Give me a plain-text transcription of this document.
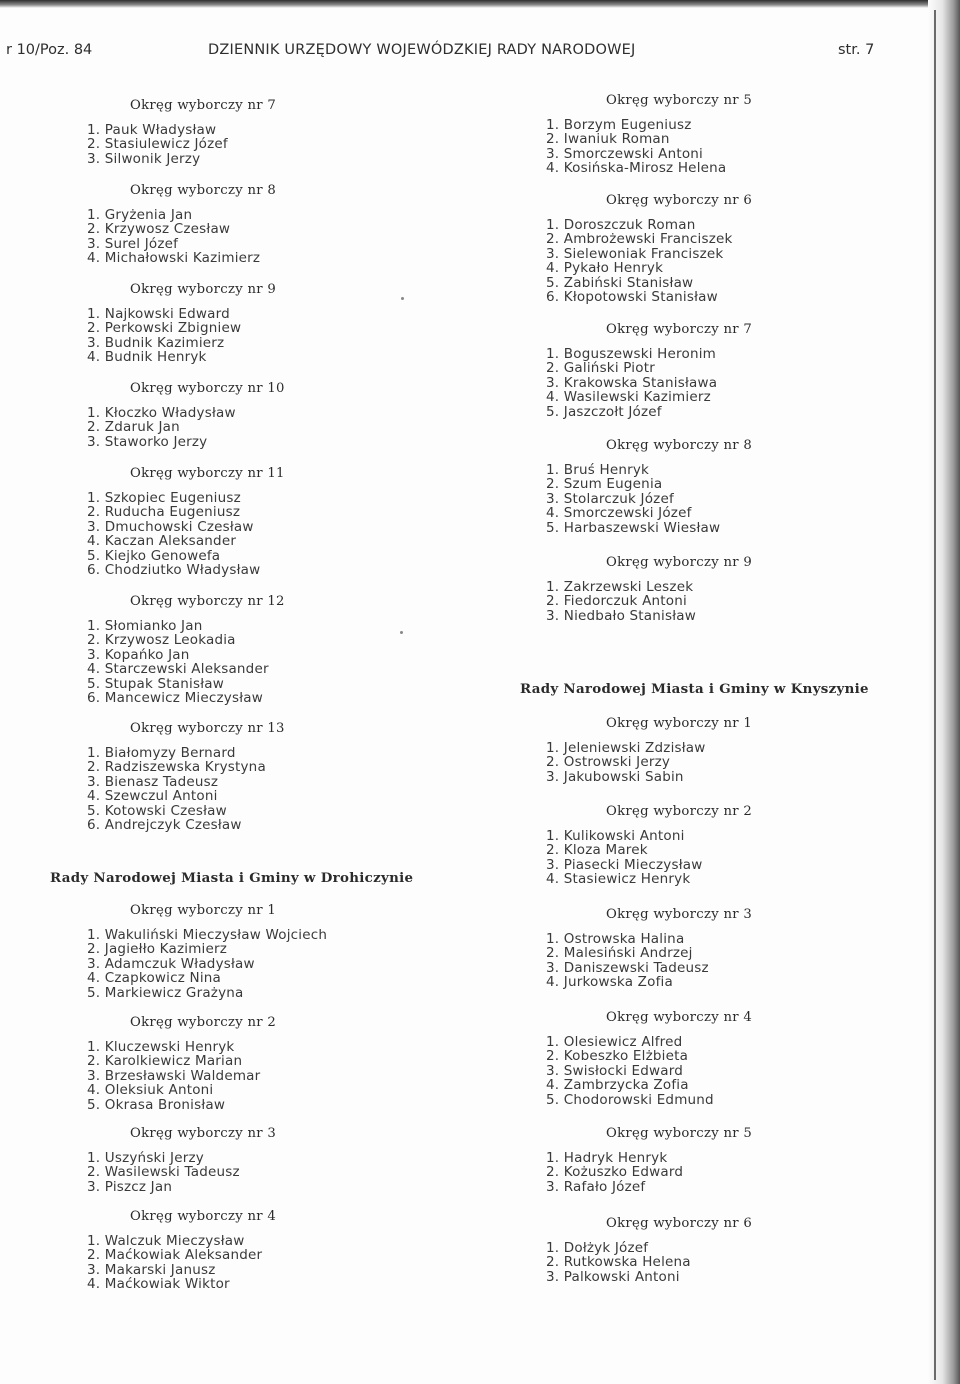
r 10/Poz. 84	DZIENNIK URZĘDOWY WOJEWÓDZKIEJ RADY NARODOWEJ	str. 7
Okręg wyborczy nr 7
1. Pauk Władysław
2. Stasiulewicz Józef
3. Silwonik Jerzy
Okręg wyborczy nr 8
1. Gryżenia Jan
2. Krzywosz Czesław
3. Surel Józef
4. Michałowski Kazimierz
Okręg wyborczy nr 9
1. Najkowski Edward
2. Perkowski Zbigniew
3. Budnik Kazimierz
4. Budnik Henryk
Okręg wyborczy nr 10
1. Kłoczko Władysław
2. Zdaruk Jan
3. Staworko Jerzy
Okręg wyborczy nr 11
1. Szkopiec Eugeniusz
2. Ruducha Eugeniusz
3. Dmuchowski Czesław
4. Kaczan Aleksander
5. Kiejko Genowefa
6. Chodziutko Władysław
Okręg wyborczy nr 12
1. Słomianko Jan
2. Krzywosz Leokadia
3. Kopańko Jan
4. Starczewski Aleksander
5. Stupak Stanisław
6. Mancewicz Mieczysław
Okręg wyborczy nr 13
1. Białomyzy Bernard
2. Radziszewska Krystyna
3. Bienasz Tadeusz
4. Szewczul Antoni
5. Kotowski Czesław
6. Andrejczyk Czesław
Rady Narodowej Miasta i Gminy w Drohiczynie
Okręg wyborczy nr 1
1. Wakuliński Mieczysław Wojciech
2. Jagiełło Kazimierz
3. Adamczuk Władysław
4. Czapkowicz Nina
5. Markiewicz Grażyna
Okręg wyborczy nr 2
1. Kluczewski Henryk
2. Karolkiewicz Marian
3. Brzesławski Waldemar
4. Oleksiuk Antoni
5. Okrasa Bronisław
Okręg wyborczy nr 3
1. Uszyński Jerzy
2. Wasilewski Tadeusz
3. Piszcz Jan
Okręg wyborczy nr 4
1. Walczuk Mieczysław
2. Maćkowiak Aleksander
3. Makarski Janusz
4. Maćkowiak Wiktor
Okręg wyborczy nr 5
1. Borzym Eugeniusz
2. Iwaniuk Roman
3. Smorczewski Antoni
4. Kosińska-Mirosz Helena
Okręg wyborczy nr 6
1. Doroszczuk Roman
2. Ambrożewski Franciszek
3. Sielewoniak Franciszek
4. Pykało Henryk
5. Zabiński Stanisław
6. Kłopotowski Stanisław
Okręg wyborczy nr 7
1. Boguszewski Heronim
2. Galiński Piotr
3. Krakowska Stanisława
4. Wasilewski Kazimierz
5. Jaszczołt Józef
Okręg wyborczy nr 8
1. Bruś Henryk
2. Szum Eugenia
3. Stolarczuk Józef
4. Smorczewski Józef
5. Harbaszewski Wiesław
Okręg wyborczy nr 9
1. Zakrzewski Leszek
2. Fiedorczuk Antoni
3. Niedbało Stanisław
Rady Narodowej Miasta i Gminy w Knyszynie
Okręg wyborczy nr 1
1. Jeleniewski Zdzisław
2. Ostrowski Jerzy
3. Jakubowski Sabin
Okręg wyborczy nr 2
1. Kulikowski Antoni
2. Kloza Marek
3. Piasecki Mieczysław
4. Stasiewicz Henryk
Okręg wyborczy nr 3
1. Ostrowska Halina
2. Malesiński Andrzej
3. Daniszewski Tadeusz
4. Jurkowska Zofia
Okręg wyborczy nr 4
1. Olesiewicz Alfred
2. Kobeszko Elżbieta
3. Swisłocki Edward
4. Zambrzycka Zofia
5. Chodorowski Edmund
Okręg wyborczy nr 5
1. Hadryk Henryk
2. Kożuszko Edward
3. Rafało Józef
Okręg wyborczy nr 6
1. Dołżyk Józef
2. Rutkowska Helena
3. Palkowski Antoni
